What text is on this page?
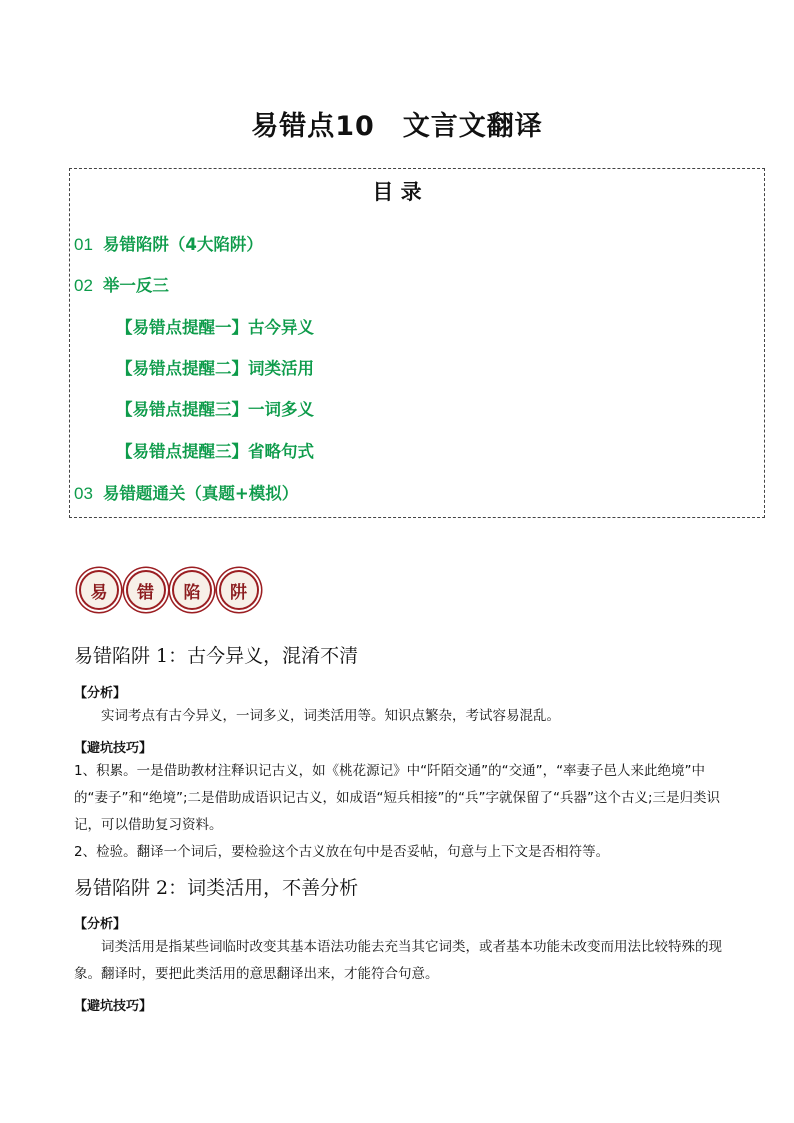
易错点10　文言文翻译
目 录
01 易错陷阱（4大陷阱）
02 举一反三
【易错点提醒一】古今异义
【易错点提醒二】词类活用
【易错点提醒三】一词多义
【易错点提醒三】省略句式
03 易错题通关（真题+模拟）
易	错	陷	阱
易错陷阱 1：古今异义，混淆不清
【分析】
实词考点有古今异义，一词多义，词类活用等。知识点繁杂，考试容易混乱。
【避坑技巧】
1、积累。一是借助教材注释识记古义，如《桃花源记》中“阡陌交通”的“交通”，“率妻子邑人来此绝境”中的“妻子”和“绝境”;二是借助成语识记古义，如成语“短兵相接”的“兵”字就保留了“兵器”这个古义;三是归类识记，可以借助复习资料。
2、检验。翻译一个词后，要检验这个古义放在句中是否妥帖，句意与上下文是否相符等。
易错陷阱 2：词类活用，不善分析
【分析】
词类活用是指某些词临时改变其基本语法功能去充当其它词类，或者基本功能未改变而用法比较特殊的现象。翻译时，要把此类活用的意思翻译出来，才能符合句意。
【避坑技巧】
